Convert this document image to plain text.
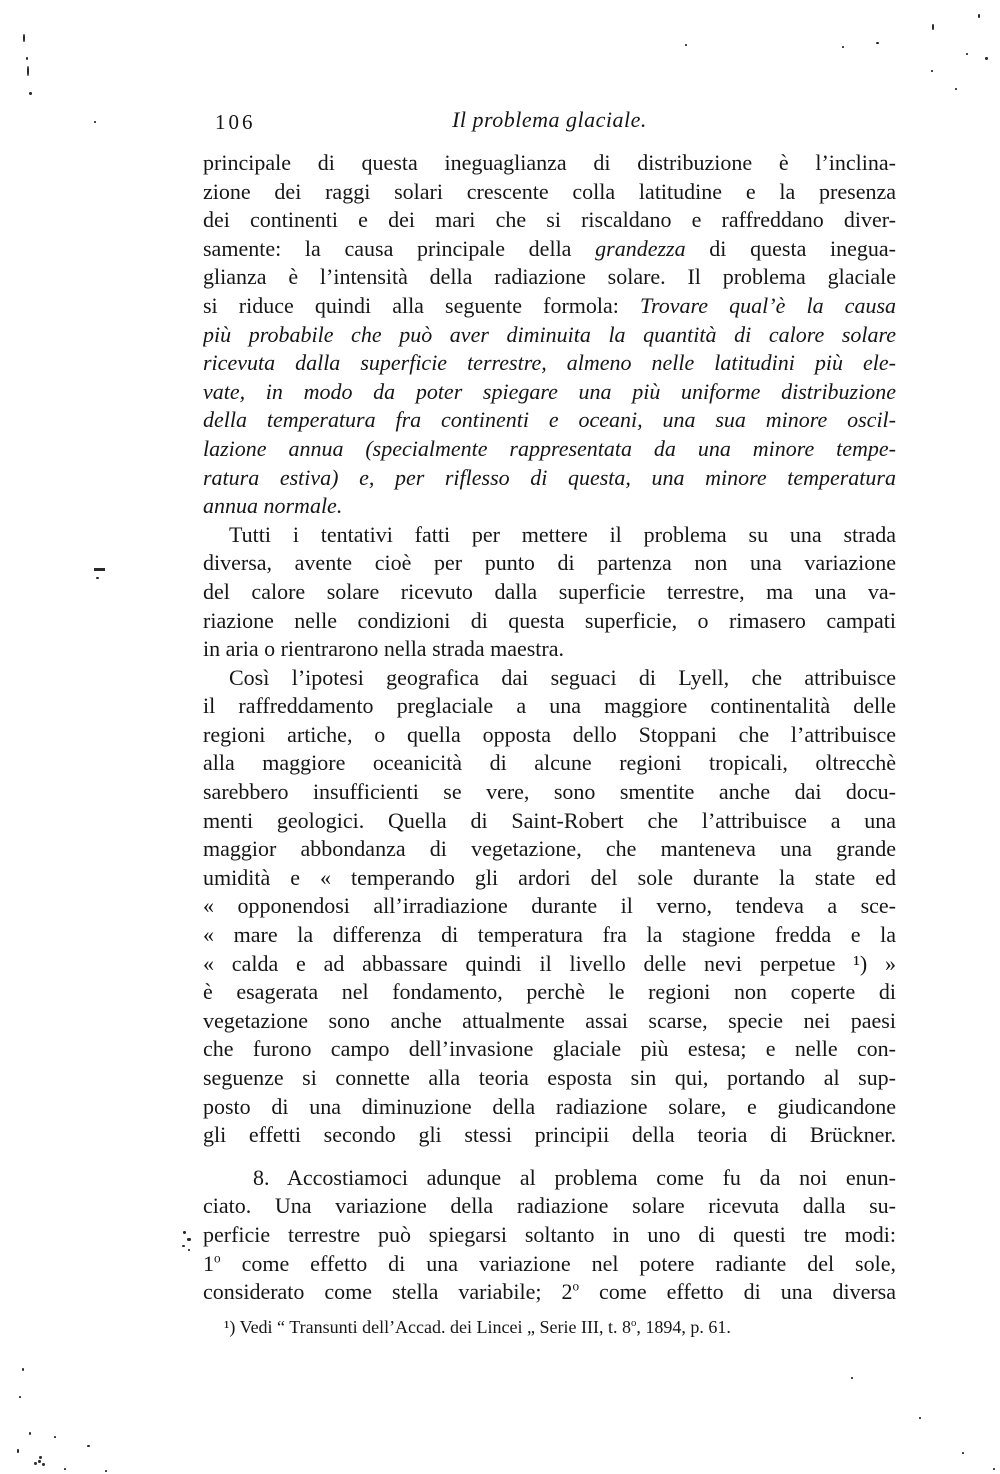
106	Il problema glaciale.
principale di questa ineguaglianza di distribuzione è l’inclina-
zione dei raggi solari crescente colla latitudine e la presenza
dei continenti e dei mari che si riscaldano e raffreddano diver-
samente: la causa principale della grandezza di questa inegua-
glianza è l’intensità della radiazione solare. Il problema glaciale
si riduce quindi alla seguente formola: Trovare qual’è la causa
più probabile che può aver diminuita la quantità di calore solare
ricevuta dalla superficie terrestre, almeno nelle latitudini più ele-
vate, in modo da poter spiegare una più uniforme distribuzione
della temperatura fra continenti e oceani, una sua minore oscil-
lazione annua (specialmente rappresentata da una minore tempe-
ratura estiva) e, per riflesso di questa, una minore temperatura
annua normale.
Tutti i tentativi fatti per mettere il problema su una strada
diversa, avente cioè per punto di partenza non una variazione
del calore solare ricevuto dalla superficie terrestre, ma una va-
riazione nelle condizioni di questa superficie, o rimasero campati
in aria o rientrarono nella strada maestra.
Così l’ipotesi geografica dai seguaci di Lyell, che attribuisce
il raffreddamento preglaciale a una maggiore continentalità delle
regioni artiche, o quella opposta dello Stoppani che l’attribuisce
alla maggiore oceanicità di alcune regioni tropicali, oltrecchè
sarebbero insufficienti se vere, sono smentite anche dai docu-
menti geologici. Quella di Saint-Robert che l’attribuisce a una
maggior abbondanza di vegetazione, che manteneva una grande
umidità e « temperando gli ardori del sole durante la state ed
« opponendosi all’irradiazione durante il verno, tendeva a sce-
« mare la differenza di temperatura fra la stagione fredda e la
« calda e ad abbassare quindi il livello delle nevi perpetue ¹) »
è esagerata nel fondamento, perchè le regioni non coperte di
vegetazione sono anche attualmente assai scarse, specie nei paesi
che furono campo dell’invasione glaciale più estesa; e nelle con-
seguenze si connette alla teoria esposta sin qui, portando al sup-
posto di una diminuzione della radiazione solare, e giudicandone
gli effetti secondo gli stessi principii della teoria di Brückner.
8. Accostiamoci adunque al problema come fu da noi enun-
ciato. Una variazione della radiazione solare ricevuta dalla su-
perficie terrestre può spiegarsi soltanto in uno di questi tre modi:
1$^o$ come effetto di una variazione nel potere radiante del sole,
considerato come stella variabile; 2$^o$ come effetto di una diversa
¹) Vedi “ Transunti dell’Accad. dei Lincei „ Serie III, t. 8$^o$, 1894, p. 61.
